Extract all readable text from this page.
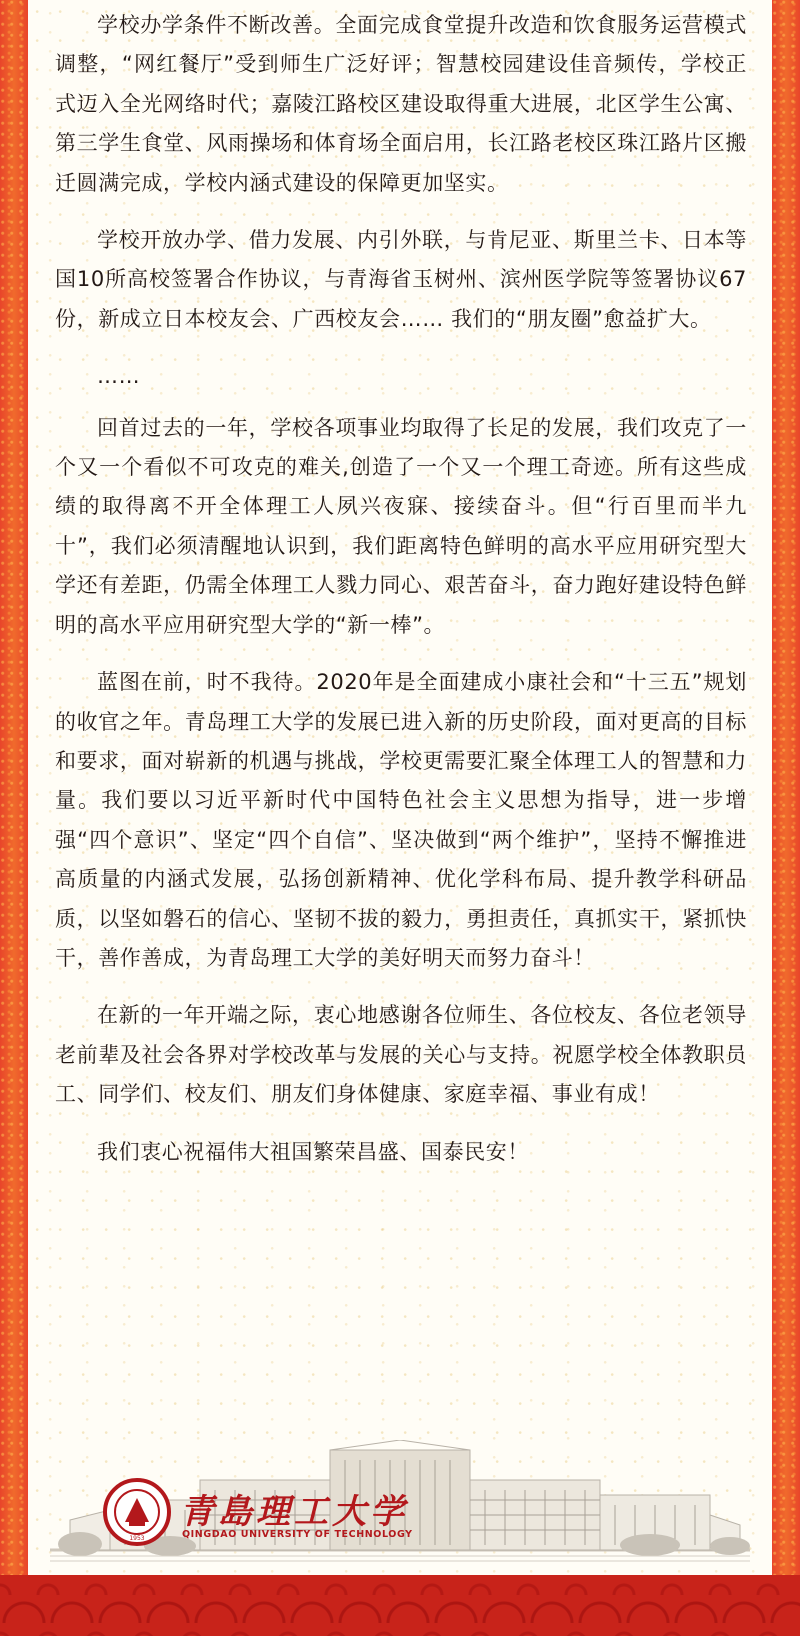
学校办学条件不断改善。全面完成食堂提升改造和饮食服务运营模式调整，“网红餐厅”受到师生广泛好评；智慧校园建设佳音频传，学校正式迈入全光网络时代；嘉陵江路校区建设取得重大进展，北区学生公寓、第三学生食堂、风雨操场和体育场全面启用，长江路老校区珠江路片区搬迁圆满完成，学校内涵式建设的保障更加坚实。

学校开放办学、借力发展、内引外联，与肯尼亚、斯里兰卡、日本等国10所高校签署合作协议，与青海省玉树州、滨州医学院等签署协议67份，新成立日本校友会、广西校友会…… 我们的“朋友圈”愈益扩大。

……

回首过去的一年，学校各项事业均取得了长足的发展，我们攻克了一个又一个看似不可攻克的难关,创造了一个又一个理工奇迹。所有这些成绩的取得离不开全体理工人夙兴夜寐、接续奋斗。但“行百里而半九十”，我们必须清醒地认识到，我们距离特色鲜明的高水平应用研究型大学还有差距，仍需全体理工人戮力同心、艰苦奋斗，奋力跑好建设特色鲜明的高水平应用研究型大学的“新一棒”。

蓝图在前，时不我待。2020年是全面建成小康社会和“十三五”规划的收官之年。青岛理工大学的发展已进入新的历史阶段，面对更高的目标和要求，面对崭新的机遇与挑战，学校更需要汇聚全体理工人的智慧和力量。我们要以习近平新时代中国特色社会主义思想为指导，进一步增强“四个意识”、坚定“四个自信”、坚决做到“两个维护”，坚持不懈推进高质量的内涵式发展，弘扬创新精神、优化学科布局、提升教学科研品质，以坚如磐石的信心、坚韧不拔的毅力，勇担责任，真抓实干，紧抓快干，善作善成，为青岛理工大学的美好明天而努力奋斗！

在新的一年开端之际，衷心地感谢各位师生、各位校友、各位老领导老前辈及社会各界对学校改革与发展的关心与支持。祝愿学校全体教职员工、同学们、校友们、朋友们身体健康、家庭幸福、事业有成！

我们衷心祝福伟大祖国繁荣昌盛、国泰民安！

1953
青島理工大学
QINGDAO UNIVERSITY OF TECHNOLOGY
